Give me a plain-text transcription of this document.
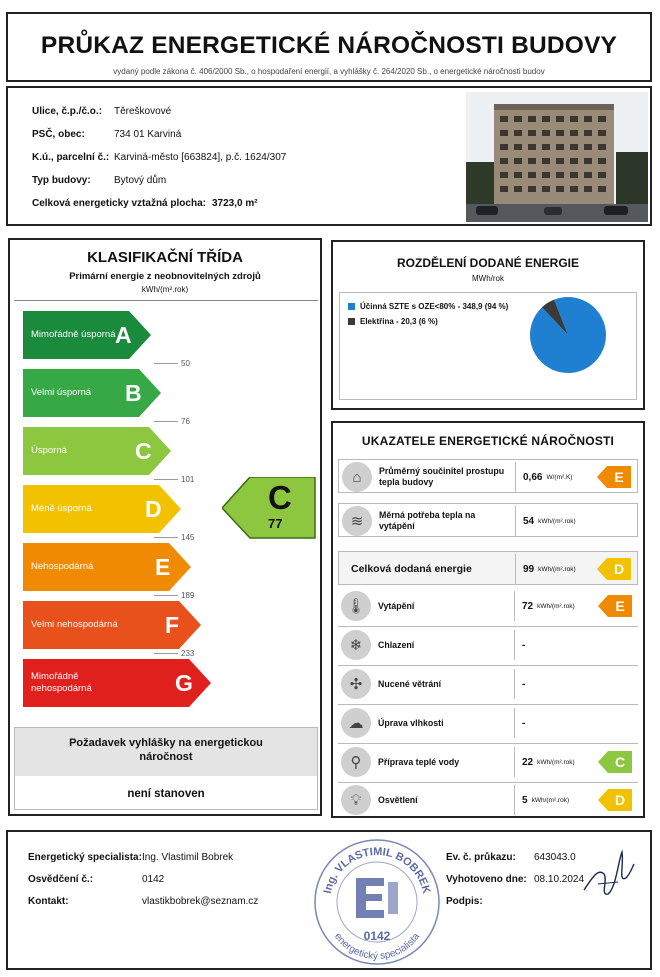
PRŮKAZ ENERGETICKÉ NÁROČNOSTI BUDOVY
vydaný podle zákona č. 406/2000 Sb., o hospodaření energií, a vyhlášky č. 264/2020 Sb., o energetické náročnosti budov
Ulice, č.p./č.o.:	Těreškovové
PSČ, obec:	734 01 Karviná
K.ú., parcelní č.: Karviná-město [663824], p.č. 1624/307
Typ budovy:	Bytový dům
Celková energeticky vztažná plocha: 3723,0 m²
KLASIFIKAČNÍ TŘÍDA
Primární energie z neobnovitelných zdrojů
kWh/(m².rok)
Mimořádně úsporná A
50
Velmi úsporná	B
76
Úsporná	C
101
Méně úsporná	D
145
Nehospodárná	E
189
Velmi nehospodárná F
233
Mimořádně nehospodárná	G
C
77
Požadavek vyhlášky na energetickou náročnost
není stanoven
ROZDĚLENÍ DODANÉ ENERGIE
MWh/rok
Účinná SZTE s OZE<80% - 348,9 (94 %)
Elektřina - 20,3 (6 %)
UKAZATELE ENERGETICKÉ NÁROČNOSTI
⌂	Průměrný součinitel prostupu tepla budovy	0,66 W/(m².K)	E
≋	Měrná potřeba tepla na vytápění	54 kWh/(m².rok)
Celková dodaná energie	99 kWh/(m².rok)	D
🌡︎	Vytápění	72 kWh/(m².rok)	E
❄	Chlazení	-
✣	Nucené větrání	-
☁	Úprava vlhkosti	-
⚲	Příprava teplé vody	22 kWh/(m².rok)	C
💡︎	Osvětlení	5 kWh/(m².rok)	D
Energetický specialista: Ing. Vlastimil Bobrek
Osvědčení č.:	0142
Kontakt:	vlastikbobrek@seznam.cz
Ev. č. průkazu: 643043.0
Vyhotoveno dne: 08.10.2024
Podpis:
Ing. VLASTIMIL BOBREK
energetický specialista
0142
